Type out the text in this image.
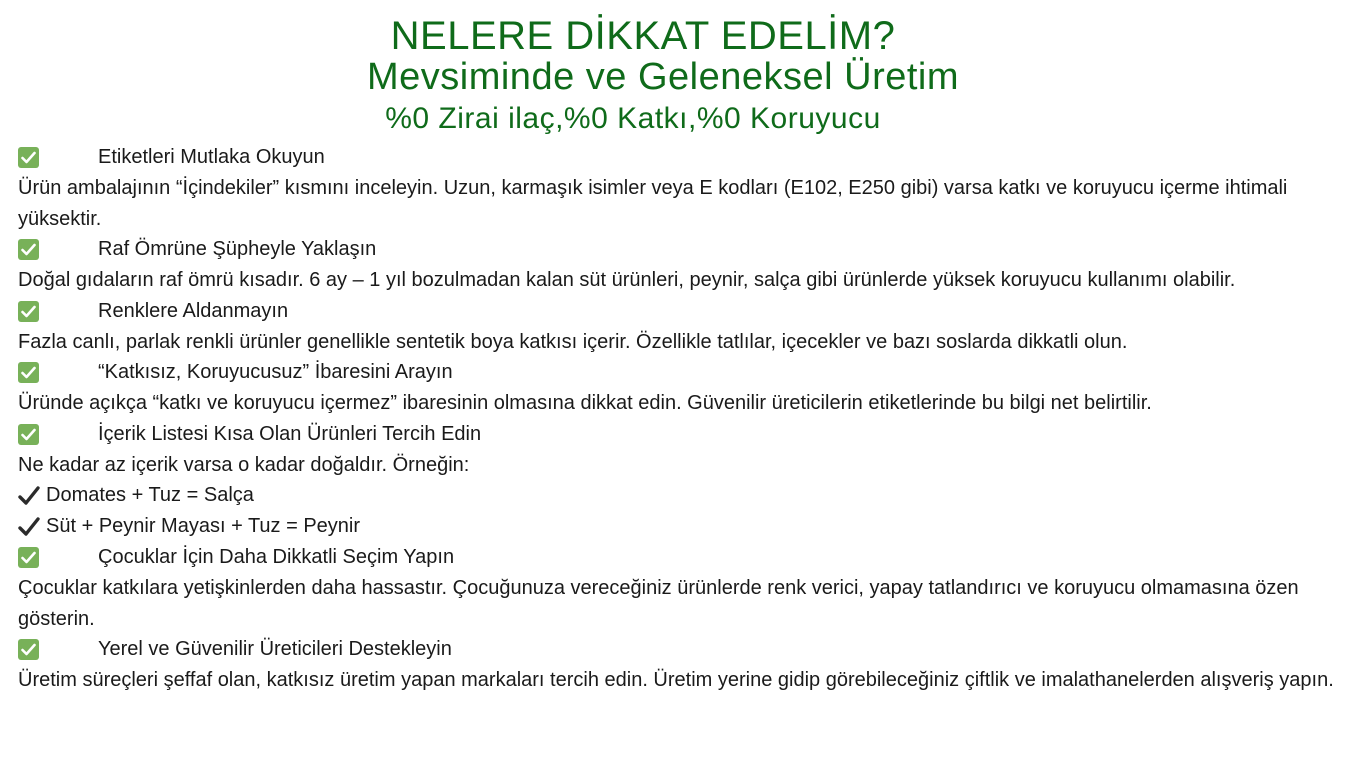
NELERE DİKKAT EDELİM?
Mevsiminde ve Geleneksel Üretim
%0 Zirai ilaç,%0 Katkı,%0 Koruyucu
Etiketleri Mutlaka Okuyun

Ürün ambalajının “İçindekiler” kısmını inceleyin. Uzun, karmaşık isimler veya E kodları (E102, E250 gibi) varsa katkı ve koruyucu içerme ihtimali yüksektir.

Raf Ömrüne Şüpheyle Yaklaşın

Doğal gıdaların raf ömrü kısadır. 6 ay – 1 yıl bozulmadan kalan süt ürünleri, peynir, salça gibi ürünlerde yüksek koruyucu kullanımı olabilir.

Renklere Aldanmayın

Fazla canlı, parlak renkli ürünler genellikle sentetik boya katkısı içerir. Özellikle tatlılar, içecekler ve bazı soslarda dikkatli olun.

“Katkısız, Koruyucusuz” İbaresini Arayın

Üründe açıkça “katkı ve koruyucu içermez” ibaresinin olmasına dikkat edin. Güvenilir üreticilerin etiketlerinde bu bilgi net belirtilir.

İçerik Listesi Kısa Olan Ürünleri Tercih Edin

Ne kadar az içerik varsa o kadar doğaldır. Örneğin:

Domates + Tuz = Salça
Süt + Peynir Mayası + Tuz = Peynir
Çocuklar İçin Daha Dikkatli Seçim Yapın

Çocuklar katkılara yetişkinlerden daha hassastır. Çocuğunuza vereceğiniz ürünlerde renk verici, yapay tatlandırıcı ve koruyucu olmamasına özen gösterin.

Yerel ve Güvenilir Üreticileri Destekleyin

Üretim süreçleri şeffaf olan, katkısız üretim yapan markaları tercih edin. Üretim yerine gidip görebileceğiniz çiftlik ve imalathanelerden alışveriş yapın.
